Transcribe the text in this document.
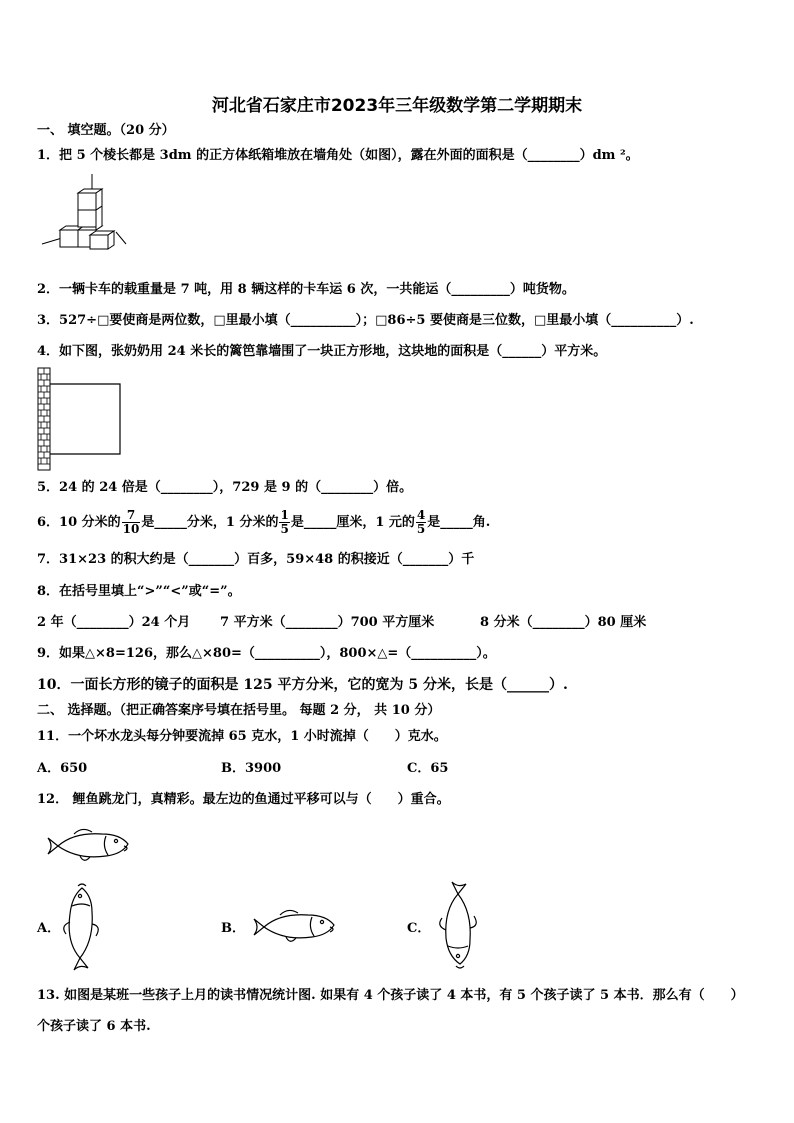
河北省石家庄市2023年三年级数学第二学期期末
一、 填空题。（20 分）
1．把 5 个棱长都是 3dm 的正方体纸箱堆放在墙角处（如图），露在外面的面积是（________）dm ²。
2．一辆卡车的载重量是 7 吨，用 8 辆这样的卡车运 6 次，一共能运（_________）吨货物。
3．527÷□要使商是两位数，□里最小填（__________）；□86÷5 要使商是三位数，□里最小填（__________）.
4．如下图，张奶奶用 24 米长的篱笆靠墙围了一块正方形地，这块地的面积是（______）平方米。
5．24 的 24 倍是（________），729 是 9 的（________）倍。
6．10 分米的 $\frac{7}{10}$ 是_____分米，1 分米的 $\frac{1}{5}$ 是_____厘米，1 元的 $\frac{4}{5}$ 是_____角.
7．31×23 的积大约是（_______）百多，59×48 的积接近（_______）千
8．在括号里填上“>”“<”或“=”。
2 年（________）24 个月 7 平方米（________）700 平方厘米	8 分米（________）80 厘米
9．如果△×8=126，那么△×80=（__________），800×△=（__________）。
10．一面长方形的镜子的面积是 125 平方分米，它的宽为 5 分米，长是（______）.
二、 选择题。（把正确答案序号填在括号里。 每题 2 分， 共 10 分）
11．一个坏水龙头每分钟要流掉 65 克水，1 小时流掉（　　）克水。
A．650	B．3900	C．65
12． 鲤鱼跳龙门，真精彩。最左边的鱼通过平移可以与（　　）重合。
A．	B．	C．
13. 如图是某班一些孩子上月的读书情况统计图. 如果有 4 个孩子读了 4 本书，有 5 个孩子读了 5 本书．那么有（　　）
个孩子读了 6 本书.
